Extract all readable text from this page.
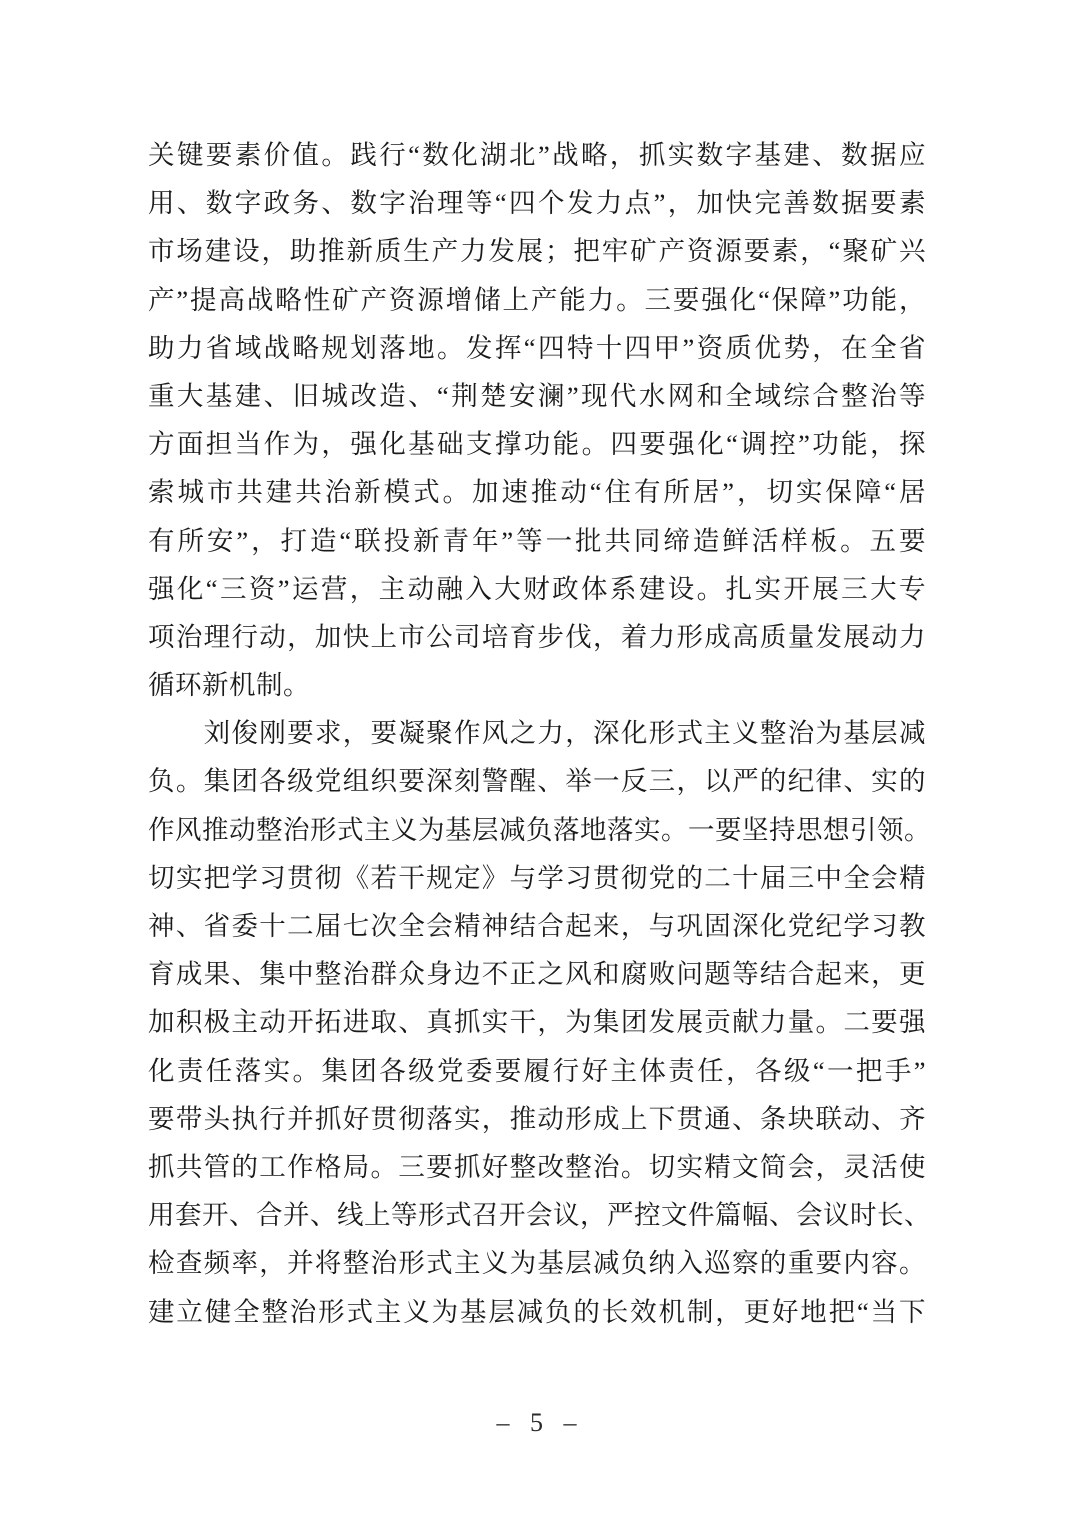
关键要素价值。践行“数化湖北”战略，抓实数字基建、数据应
用、数字政务、数字治理等“四个发力点”，加快完善数据要素
市场建设，助推新质生产力发展；把牢矿产资源要素，“聚矿兴
产”提高战略性矿产资源增储上产能力。三要强化“保障”功能，
助力省域战略规划落地。发挥“四特十四甲”资质优势，在全省
重大基建、旧城改造、“荆楚安澜”现代水网和全域综合整治等
方面担当作为，强化基础支撑功能。四要强化“调控”功能，探
索城市共建共治新模式。加速推动“住有所居”，切实保障“居
有所安”，打造“联投新青年”等一批共同缔造鲜活样板。五要
强化“三资”运营，主动融入大财政体系建设。扎实开展三大专
项治理行动，加快上市公司培育步伐，着力形成高质量发展动力
循环新机制。
　　刘俊刚要求，要凝聚作风之力，深化形式主义整治为基层减
负。集团各级党组织要深刻警醒、举一反三，以严的纪律、实的
作风推动整治形式主义为基层减负落地落实。一要坚持思想引领。
切实把学习贯彻《若干规定》与学习贯彻党的二十届三中全会精
神、省委十二届七次全会精神结合起来，与巩固深化党纪学习教
育成果、集中整治群众身边不正之风和腐败问题等结合起来，更
加积极主动开拓进取、真抓实干，为集团发展贡献力量。二要强
化责任落实。集团各级党委要履行好主体责任，各级“一把手”
要带头执行并抓好贯彻落实，推动形成上下贯通、条块联动、齐
抓共管的工作格局。三要抓好整改整治。切实精文简会，灵活使
用套开、合并、线上等形式召开会议，严控文件篇幅、会议时长、
检查频率，并将整治形式主义为基层减负纳入巡察的重要内容。
建立健全整治形式主义为基层减负的长效机制，更好地把“当下
– 5 –
